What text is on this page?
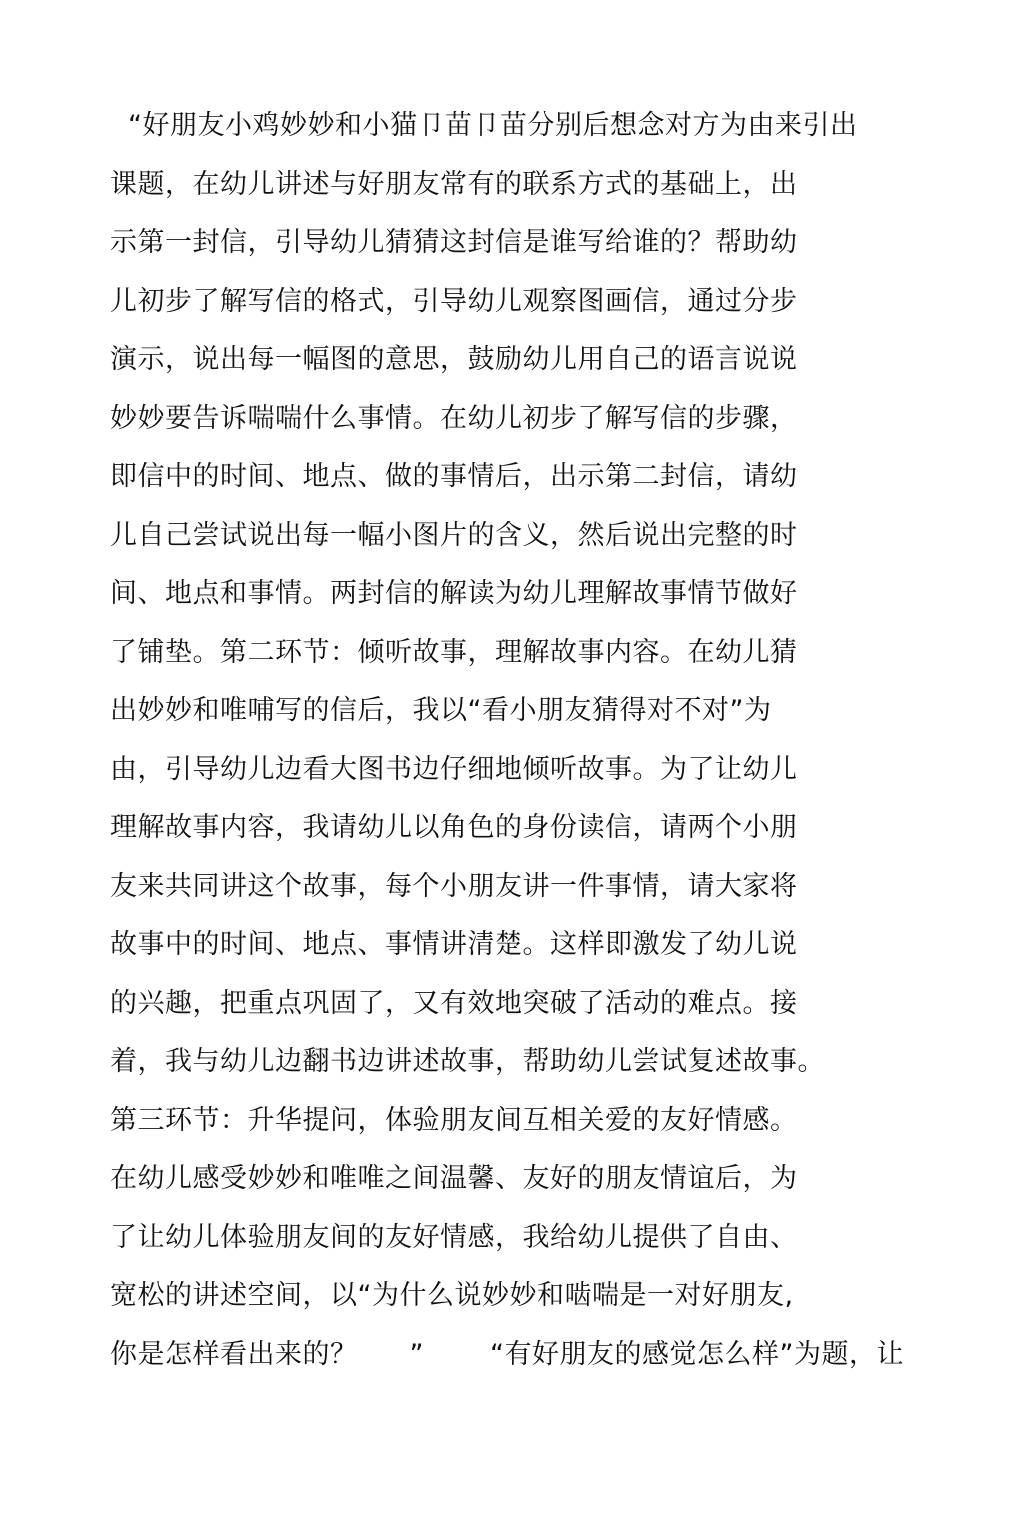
“好朋友小鸡妙妙和小猫卩苗卩苗分别后想念对方为由来引出
课题，在幼儿讲述与好朋友常有的联系方式的基础上，出
示第一封信，引导幼儿猜猜这封信是谁写给谁的？帮助幼
儿初步了解写信的格式，引导幼儿观察图画信，通过分步
演示，说出每一幅图的意思，鼓励幼儿用自己的语言说说
妙妙要告诉喘喘什么事情。在幼儿初步了解写信的步骤，
即信中的时间、地点、做的事情后，出示第二封信，请幼
儿自己尝试说出每一幅小图片的含义，然后说出完整的时
间、地点和事情。两封信的解读为幼儿理解故事情节做好
了铺垫。第二环节：倾听故事，理解故事内容。在幼儿猜
出妙妙和唯哺写的信后，我以“看小朋友猜得对不对”为
由，引导幼儿边看大图书边仔细地倾听故事。为了让幼儿
理解故事内容，我请幼儿以角色的身份读信，请两个小朋
友来共同讲这个故事，每个小朋友讲一件事情，请大家将
故事中的时间、地点、事情讲清楚。这样即激发了幼儿说
的兴趣，把重点巩固了，又有效地突破了活动的难点。接
着，我与幼儿边翻书边讲述故事，帮助幼儿尝试复述故事。
第三环节：升华提问，体验朋友间互相关爱的友好情感。
在幼儿感受妙妙和唯唯之间温馨、友好的朋友情谊后，为
了让幼儿体验朋友间的友好情感，我给幼儿提供了自由、
宽松的讲述空间，以“为什么说妙妙和啮喘是一对好朋友,
你是怎样看出来的？ ” “有好朋友的感觉怎么样”为题，让
